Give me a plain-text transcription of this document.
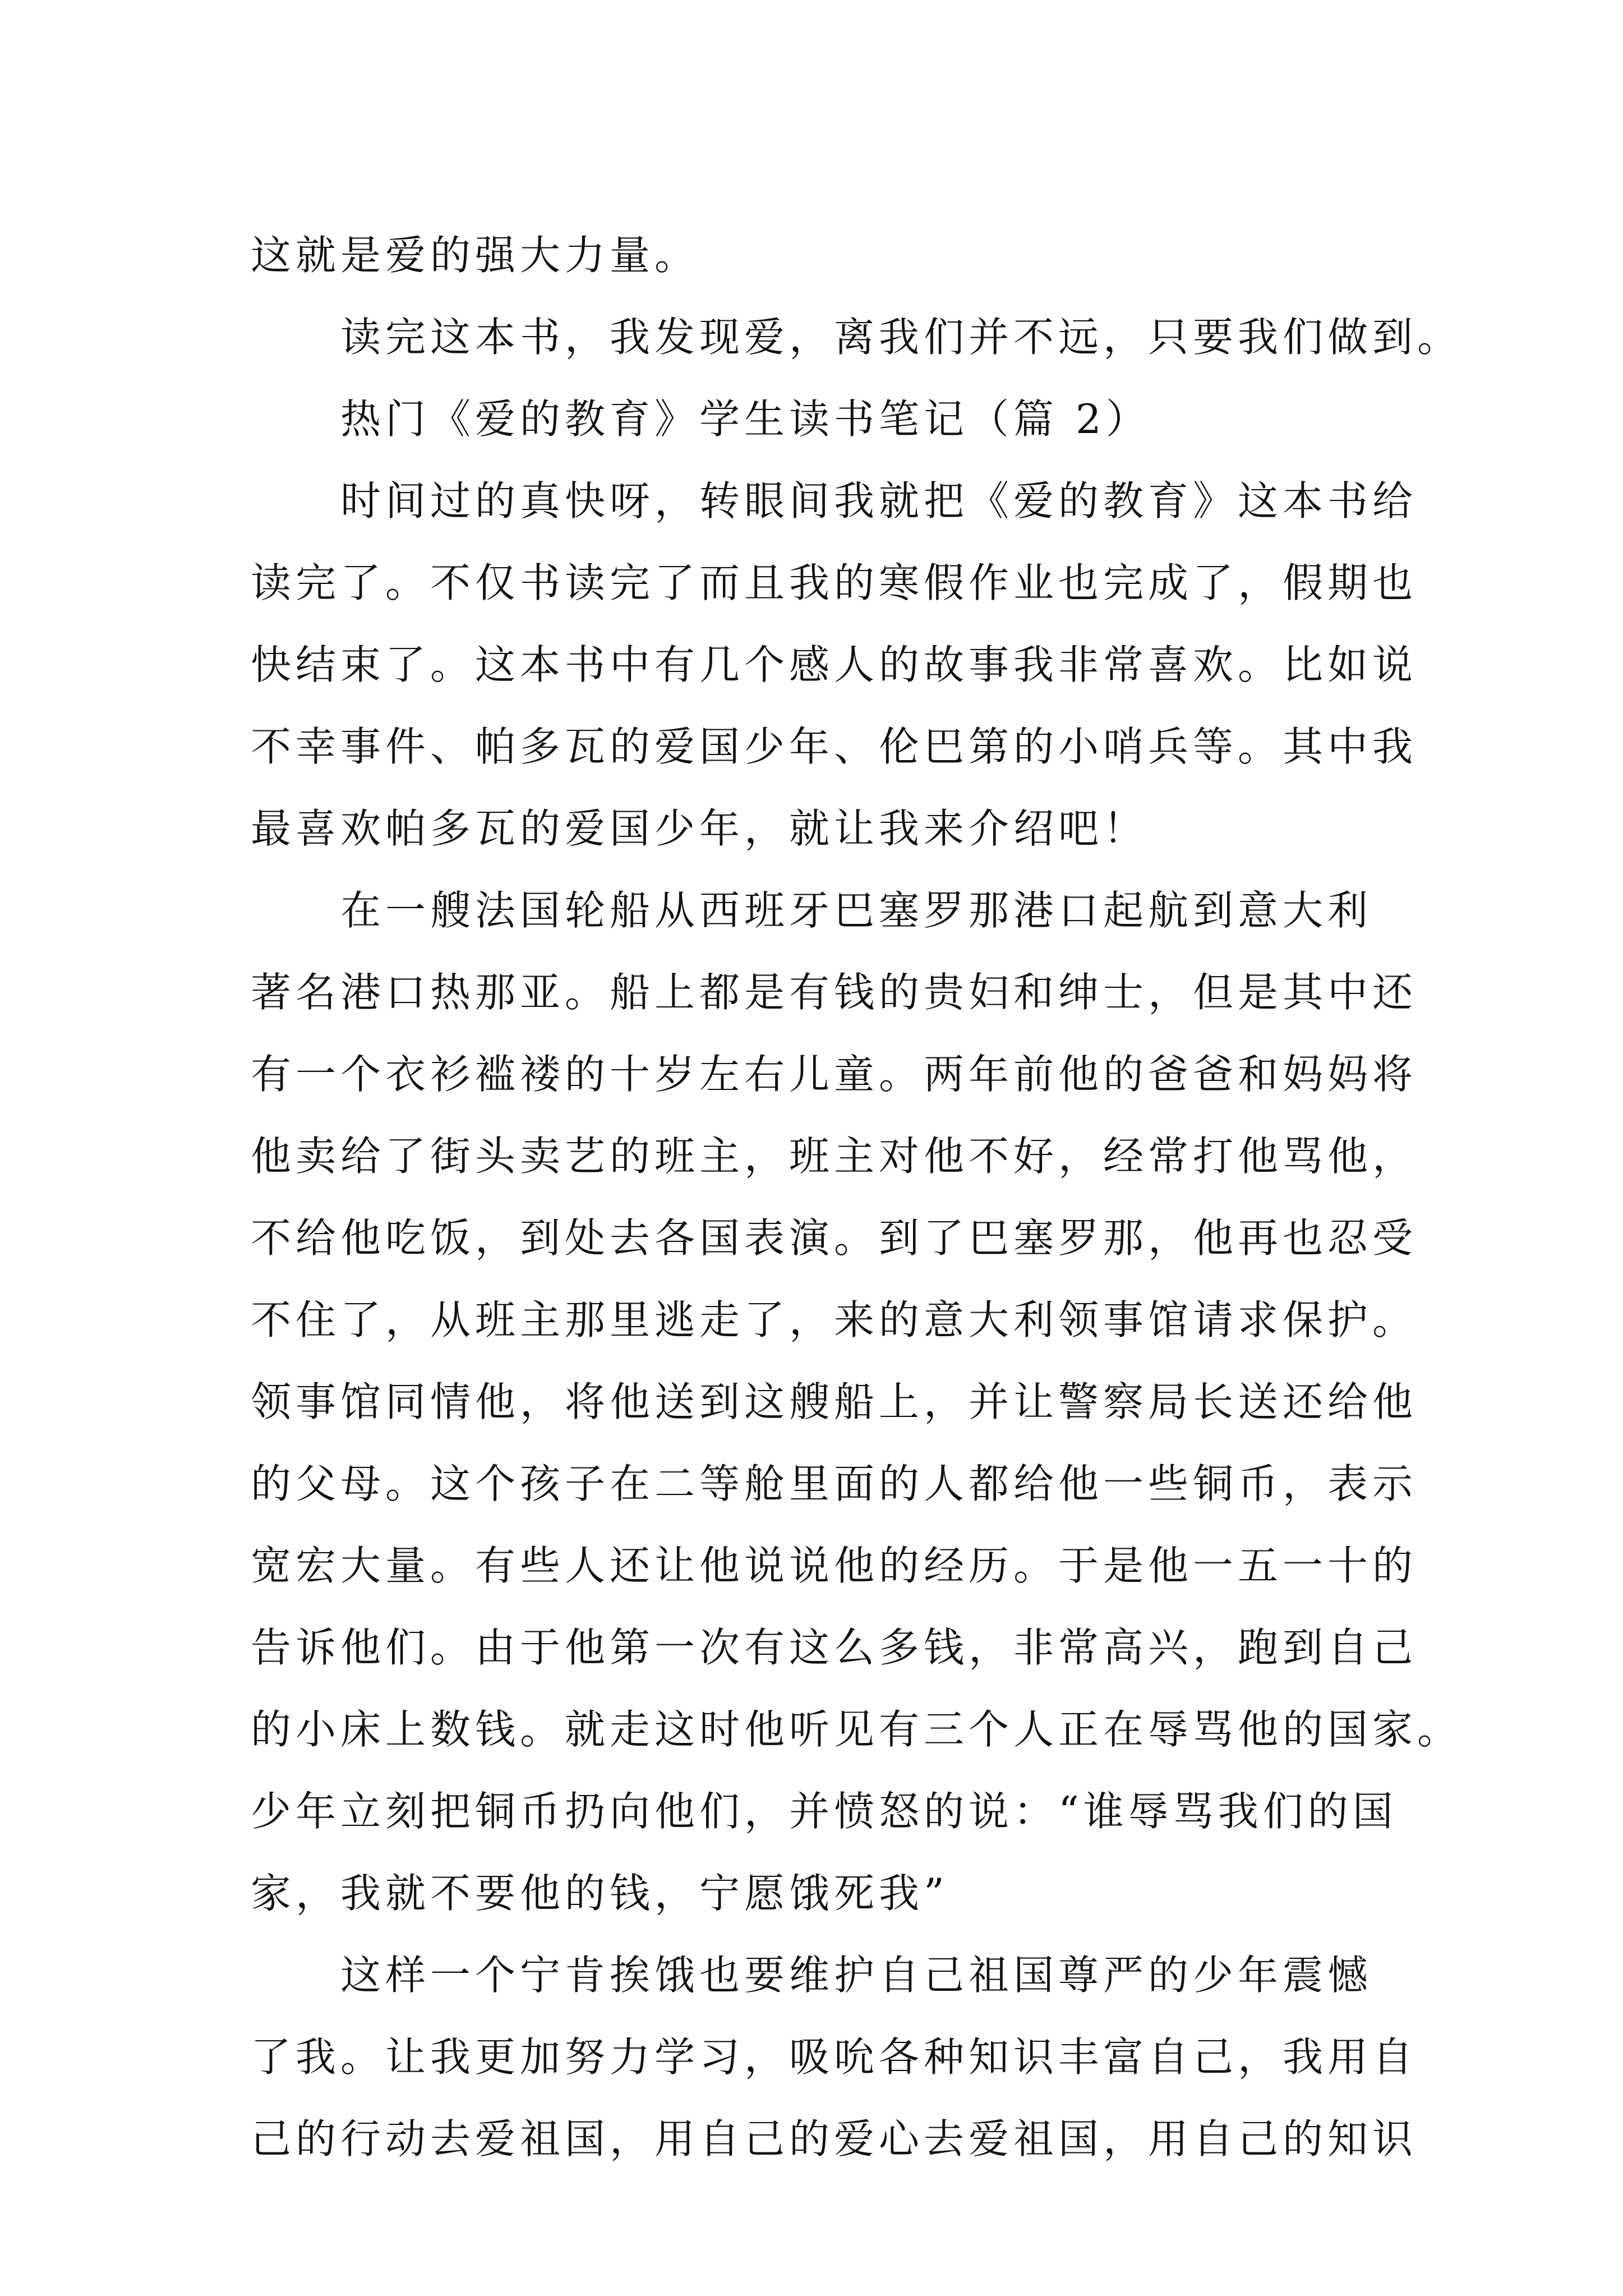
这就是爱的强大力量。

读完这本书，我发现爱，离我们并不远，只要我们做到。

热门《爱的教育》学生读书笔记（篇 2）

时间过的真快呀，转眼间我就把《爱的教育》这本书给

读完了。不仅书读完了而且我的寒假作业也完成了，假期也

快结束了。这本书中有几个感人的故事我非常喜欢。比如说

不幸事件、帕多瓦的爱国少年、伦巴第的小哨兵等。其中我

最喜欢帕多瓦的爱国少年，就让我来介绍吧！

在一艘法国轮船从西班牙巴塞罗那港口起航到意大利

著名港口热那亚。船上都是有钱的贵妇和绅士，但是其中还

有一个衣衫褴褛的十岁左右儿童。两年前他的爸爸和妈妈将

他卖给了街头卖艺的班主，班主对他不好，经常打他骂他，

不给他吃饭，到处去各国表演。到了巴塞罗那，他再也忍受

不住了，从班主那里逃走了，来的意大利领事馆请求保护。

领事馆同情他，将他送到这艘船上，并让警察局长送还给他

的父母。这个孩子在二等舱里面的人都给他一些铜币，表示

宽宏大量。有些人还让他说说他的经历。于是他一五一十的

告诉他们。由于他第一次有这么多钱，非常高兴，跑到自己

的小床上数钱。就走这时他听见有三个人正在辱骂他的国家。

少年立刻把铜币扔向他们，并愤怒的说：“谁辱骂我们的国

家，我就不要他的钱，宁愿饿死我”

这样一个宁肯挨饿也要维护自己祖国尊严的少年震憾

了我。让我更加努力学习，吸吮各种知识丰富自己，我用自

己的行动去爱祖国，用自己的爱心去爱祖国，用自己的知识
